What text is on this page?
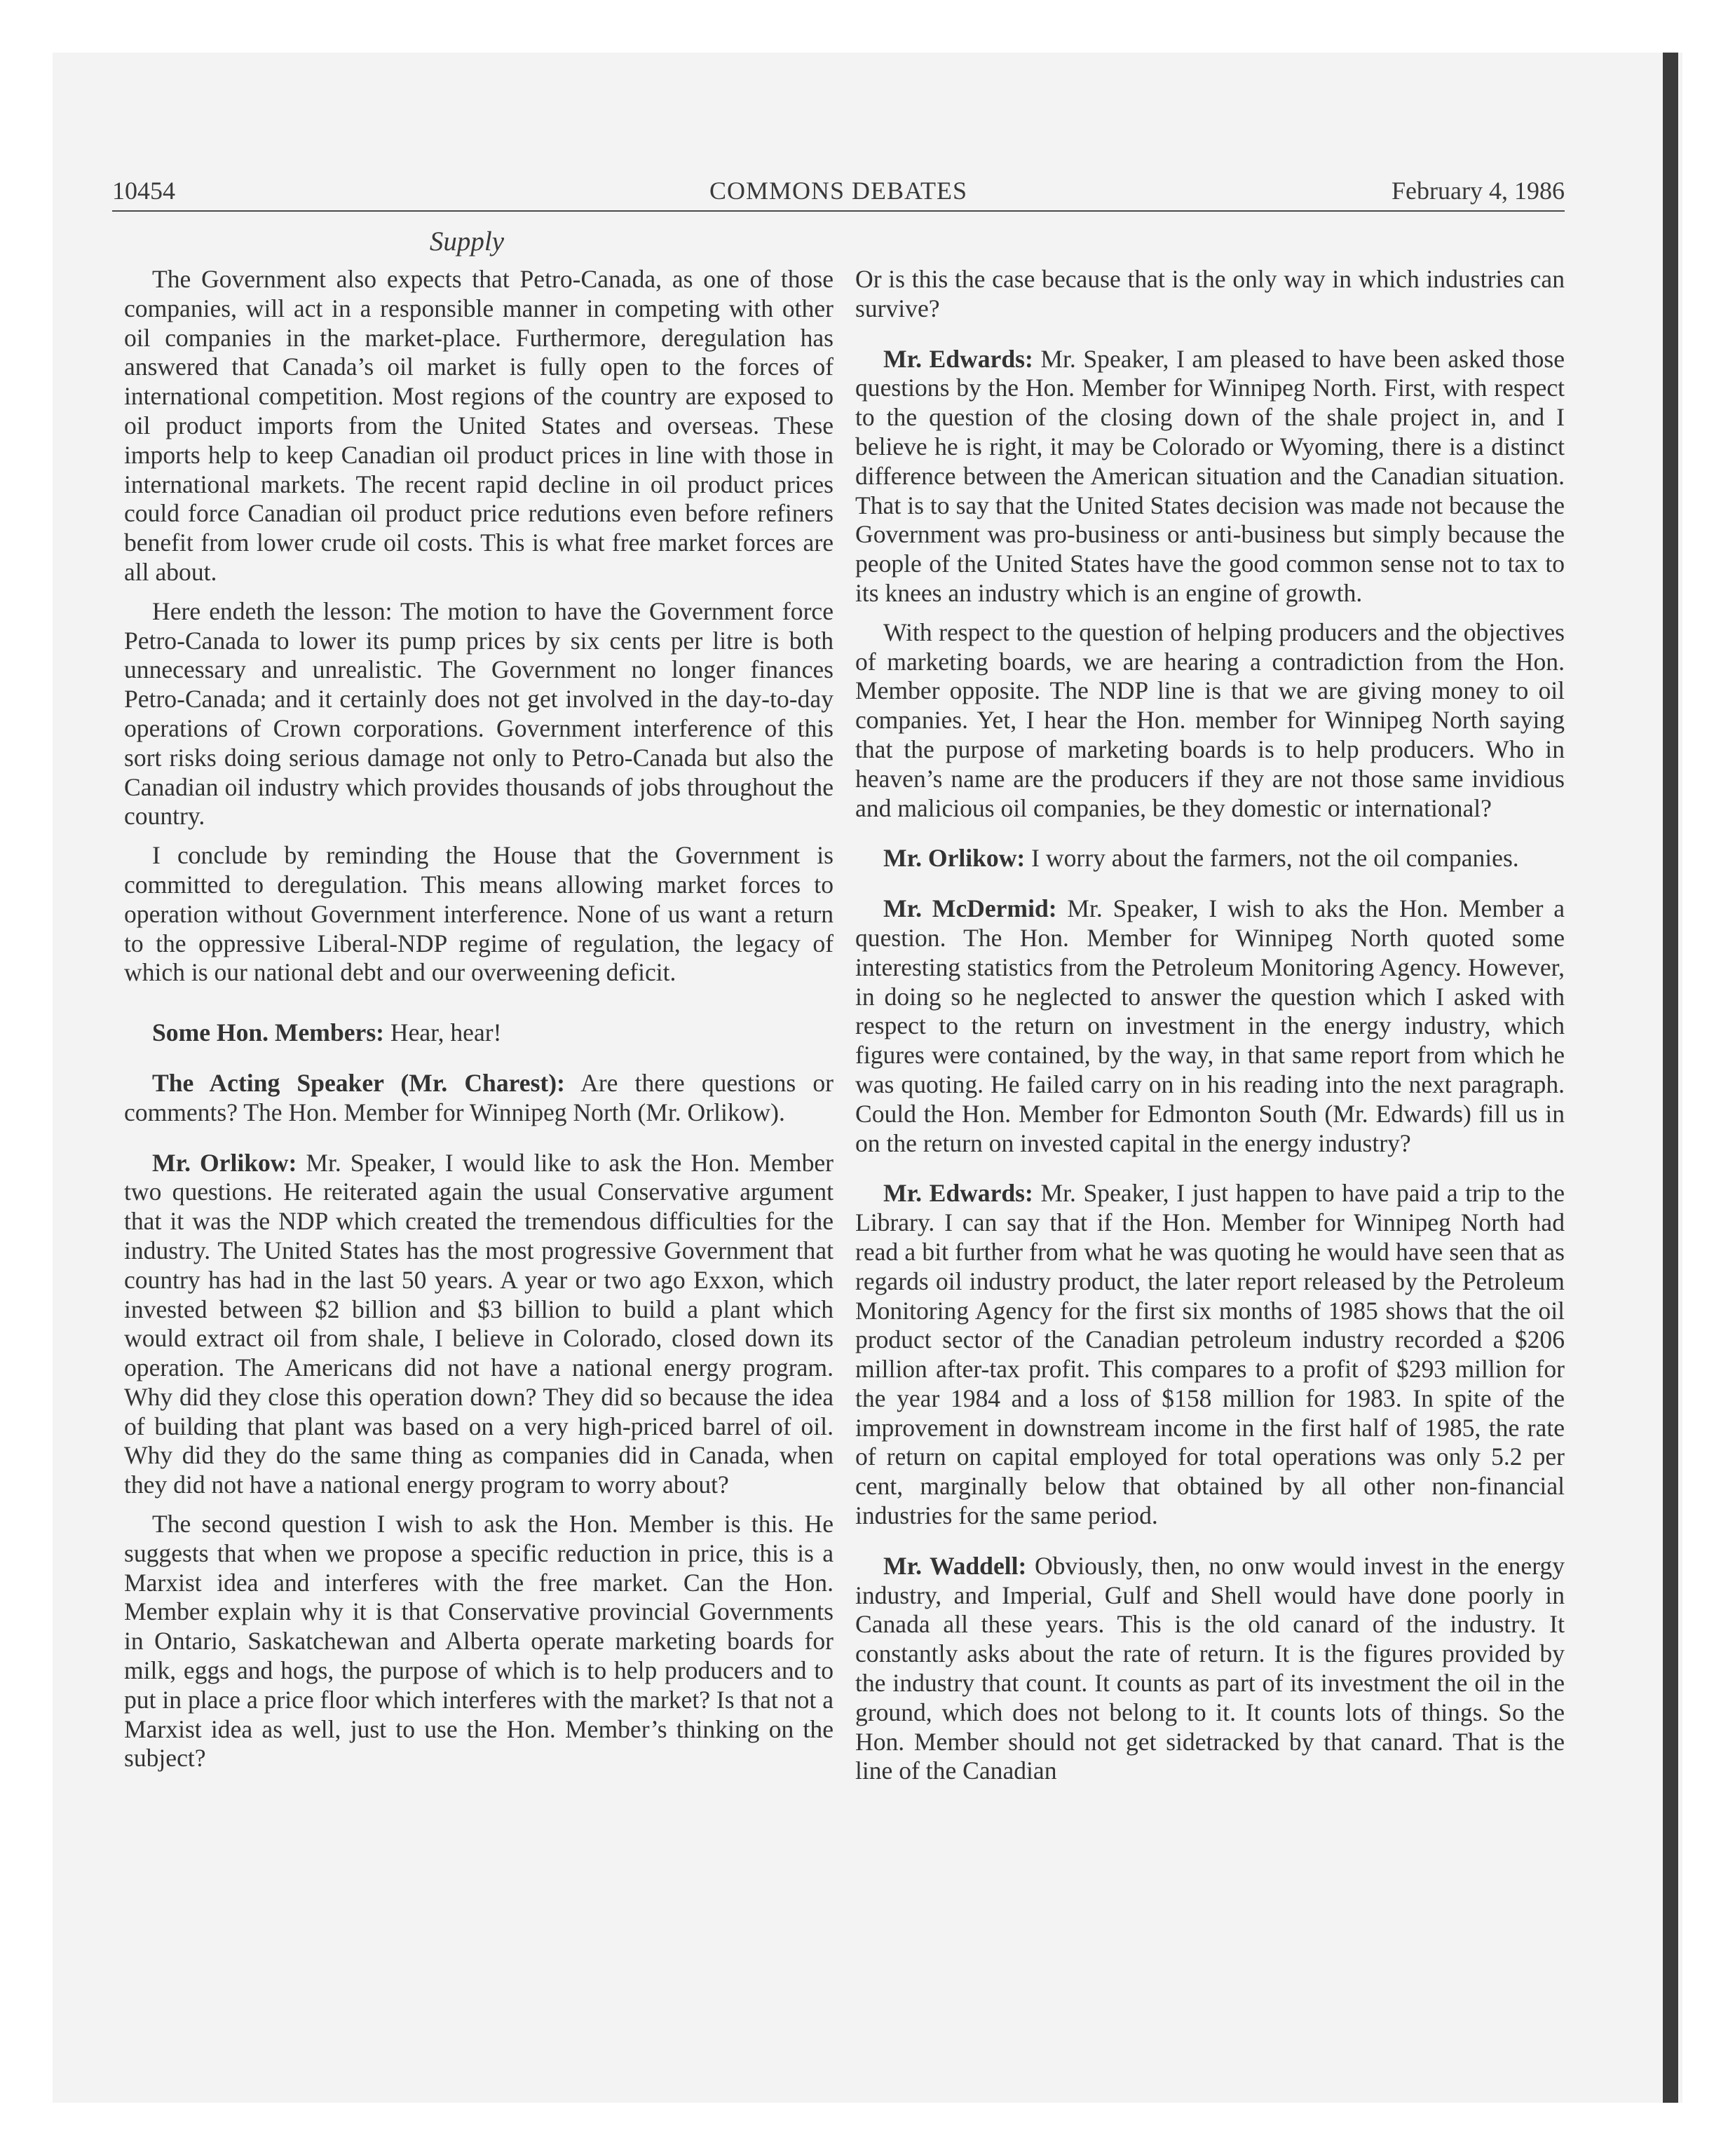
10454	COMMONS DEBATES	February 4, 1986
Supply

The Government also expects that Petro-Canada, as one of those companies, will act in a responsible manner in competing with other oil companies in the market-place. Furthermore, deregulation has answered that Canada’s oil market is fully open to the forces of international competition. Most regions of the country are exposed to oil product imports from the United States and overseas. These imports help to keep Canadian oil product prices in line with those in international markets. The recent rapid decline in oil product prices could force Canadian oil product price redutions even before refiners benefit from lower crude oil costs. This is what free market forces are all about.

Here endeth the lesson: The motion to have the Government force Petro-Canada to lower its pump prices by six cents per litre is both unnecessary and unrealistic. The Government no longer finances Petro-Canada; and it certainly does not get involved in the day-to-day operations of Crown corporations. Government interference of this sort risks doing serious damage not only to Petro-Canada but also the Canadian oil industry which provides thousands of jobs throughout the country.

I conclude by reminding the House that the Government is committed to deregulation. This means allowing market forces to operation without Government interference. None of us want a return to the oppressive Liberal-NDP regime of regulation, the legacy of which is our national debt and our overweening deficit.

Some Hon. Members: Hear, hear!

The Acting Speaker (Mr. Charest): Are there questions or comments? The Hon. Member for Winnipeg North (Mr. Orlikow).

Mr. Orlikow: Mr. Speaker, I would like to ask the Hon. Member two questions. He reiterated again the usual Conservative argument that it was the NDP which created the tremendous difficulties for the industry. The United States has the most progressive Government that country has had in the last 50 years. A year or two ago Exxon, which invested between $2 billion and $3 billion to build a plant which would extract oil from shale, I believe in Colorado, closed down its operation. The Americans did not have a national energy program. Why did they close this operation down? They did so because the idea of building that plant was based on a very high-priced barrel of oil. Why did they do the same thing as companies did in Canada, when they did not have a national energy program to worry about?

The second question I wish to ask the Hon. Member is this. He suggests that when we propose a specific reduction in price, this is a Marxist idea and interferes with the free market. Can the Hon. Member explain why it is that Conservative provincial Governments in Ontario, Saskatchewan and Alberta operate marketing boards for milk, eggs and hogs, the purpose of which is to help producers and to put in place a price floor which interferes with the market? Is that not a Marxist idea as well, just to use the Hon. Member’s thinking on the subject?

Or is this the case because that is the only way in which industries can survive?

Mr. Edwards: Mr. Speaker, I am pleased to have been asked those questions by the Hon. Member for Winnipeg North. First, with respect to the question of the closing down of the shale project in, and I believe he is right, it may be Colorado or Wyoming, there is a distinct difference between the American situation and the Canadian situation. That is to say that the United States decision was made not because the Government was pro-business or anti-business but simply because the people of the United States have the good common sense not to tax to its knees an industry which is an engine of growth.

With respect to the question of helping producers and the objectives of marketing boards, we are hearing a contradiction from the Hon. Member opposite. The NDP line is that we are giving money to oil companies. Yet, I hear the Hon. member for Winnipeg North saying that the purpose of marketing boards is to help producers. Who in heaven’s name are the producers if they are not those same invidious and malicious oil companies, be they domestic or international?

Mr. Orlikow: I worry about the farmers, not the oil companies.

Mr. McDermid: Mr. Speaker, I wish to aks the Hon. Member a question. The Hon. Member for Winnipeg North quoted some interesting statistics from the Petroleum Monitoring Agency. However, in doing so he neglected to answer the question which I asked with respect to the return on investment in the energy industry, which figures were contained, by the way, in that same report from which he was quoting. He failed carry on in his reading into the next paragraph. Could the Hon. Member for Edmonton South (Mr. Edwards) fill us in on the return on invested capital in the energy industry?

Mr. Edwards: Mr. Speaker, I just happen to have paid a trip to the Library. I can say that if the Hon. Member for Winnipeg North had read a bit further from what he was quoting he would have seen that as regards oil industry product, the later report released by the Petroleum Monitoring Agency for the first six months of 1985 shows that the oil product sector of the Canadian petroleum industry recorded a $206 million after-tax profit. This compares to a profit of $293 million for the year 1984 and a loss of $158 million for 1983. In spite of the improvement in downstream income in the first half of 1985, the rate of return on capital employed for total operations was only 5.2 per cent, marginally below that obtained by all other non-financial industries for the same period.

Mr. Waddell: Obviously, then, no onw would invest in the energy industry, and Imperial, Gulf and Shell would have done poorly in Canada all these years. This is the old canard of the industry. It constantly asks about the rate of return. It is the figures provided by the industry that count. It counts as part of its investment the oil in the ground, which does not belong to it. It counts lots of things. So the Hon. Member should not get sidetracked by that canard. That is the line of the Canadian
